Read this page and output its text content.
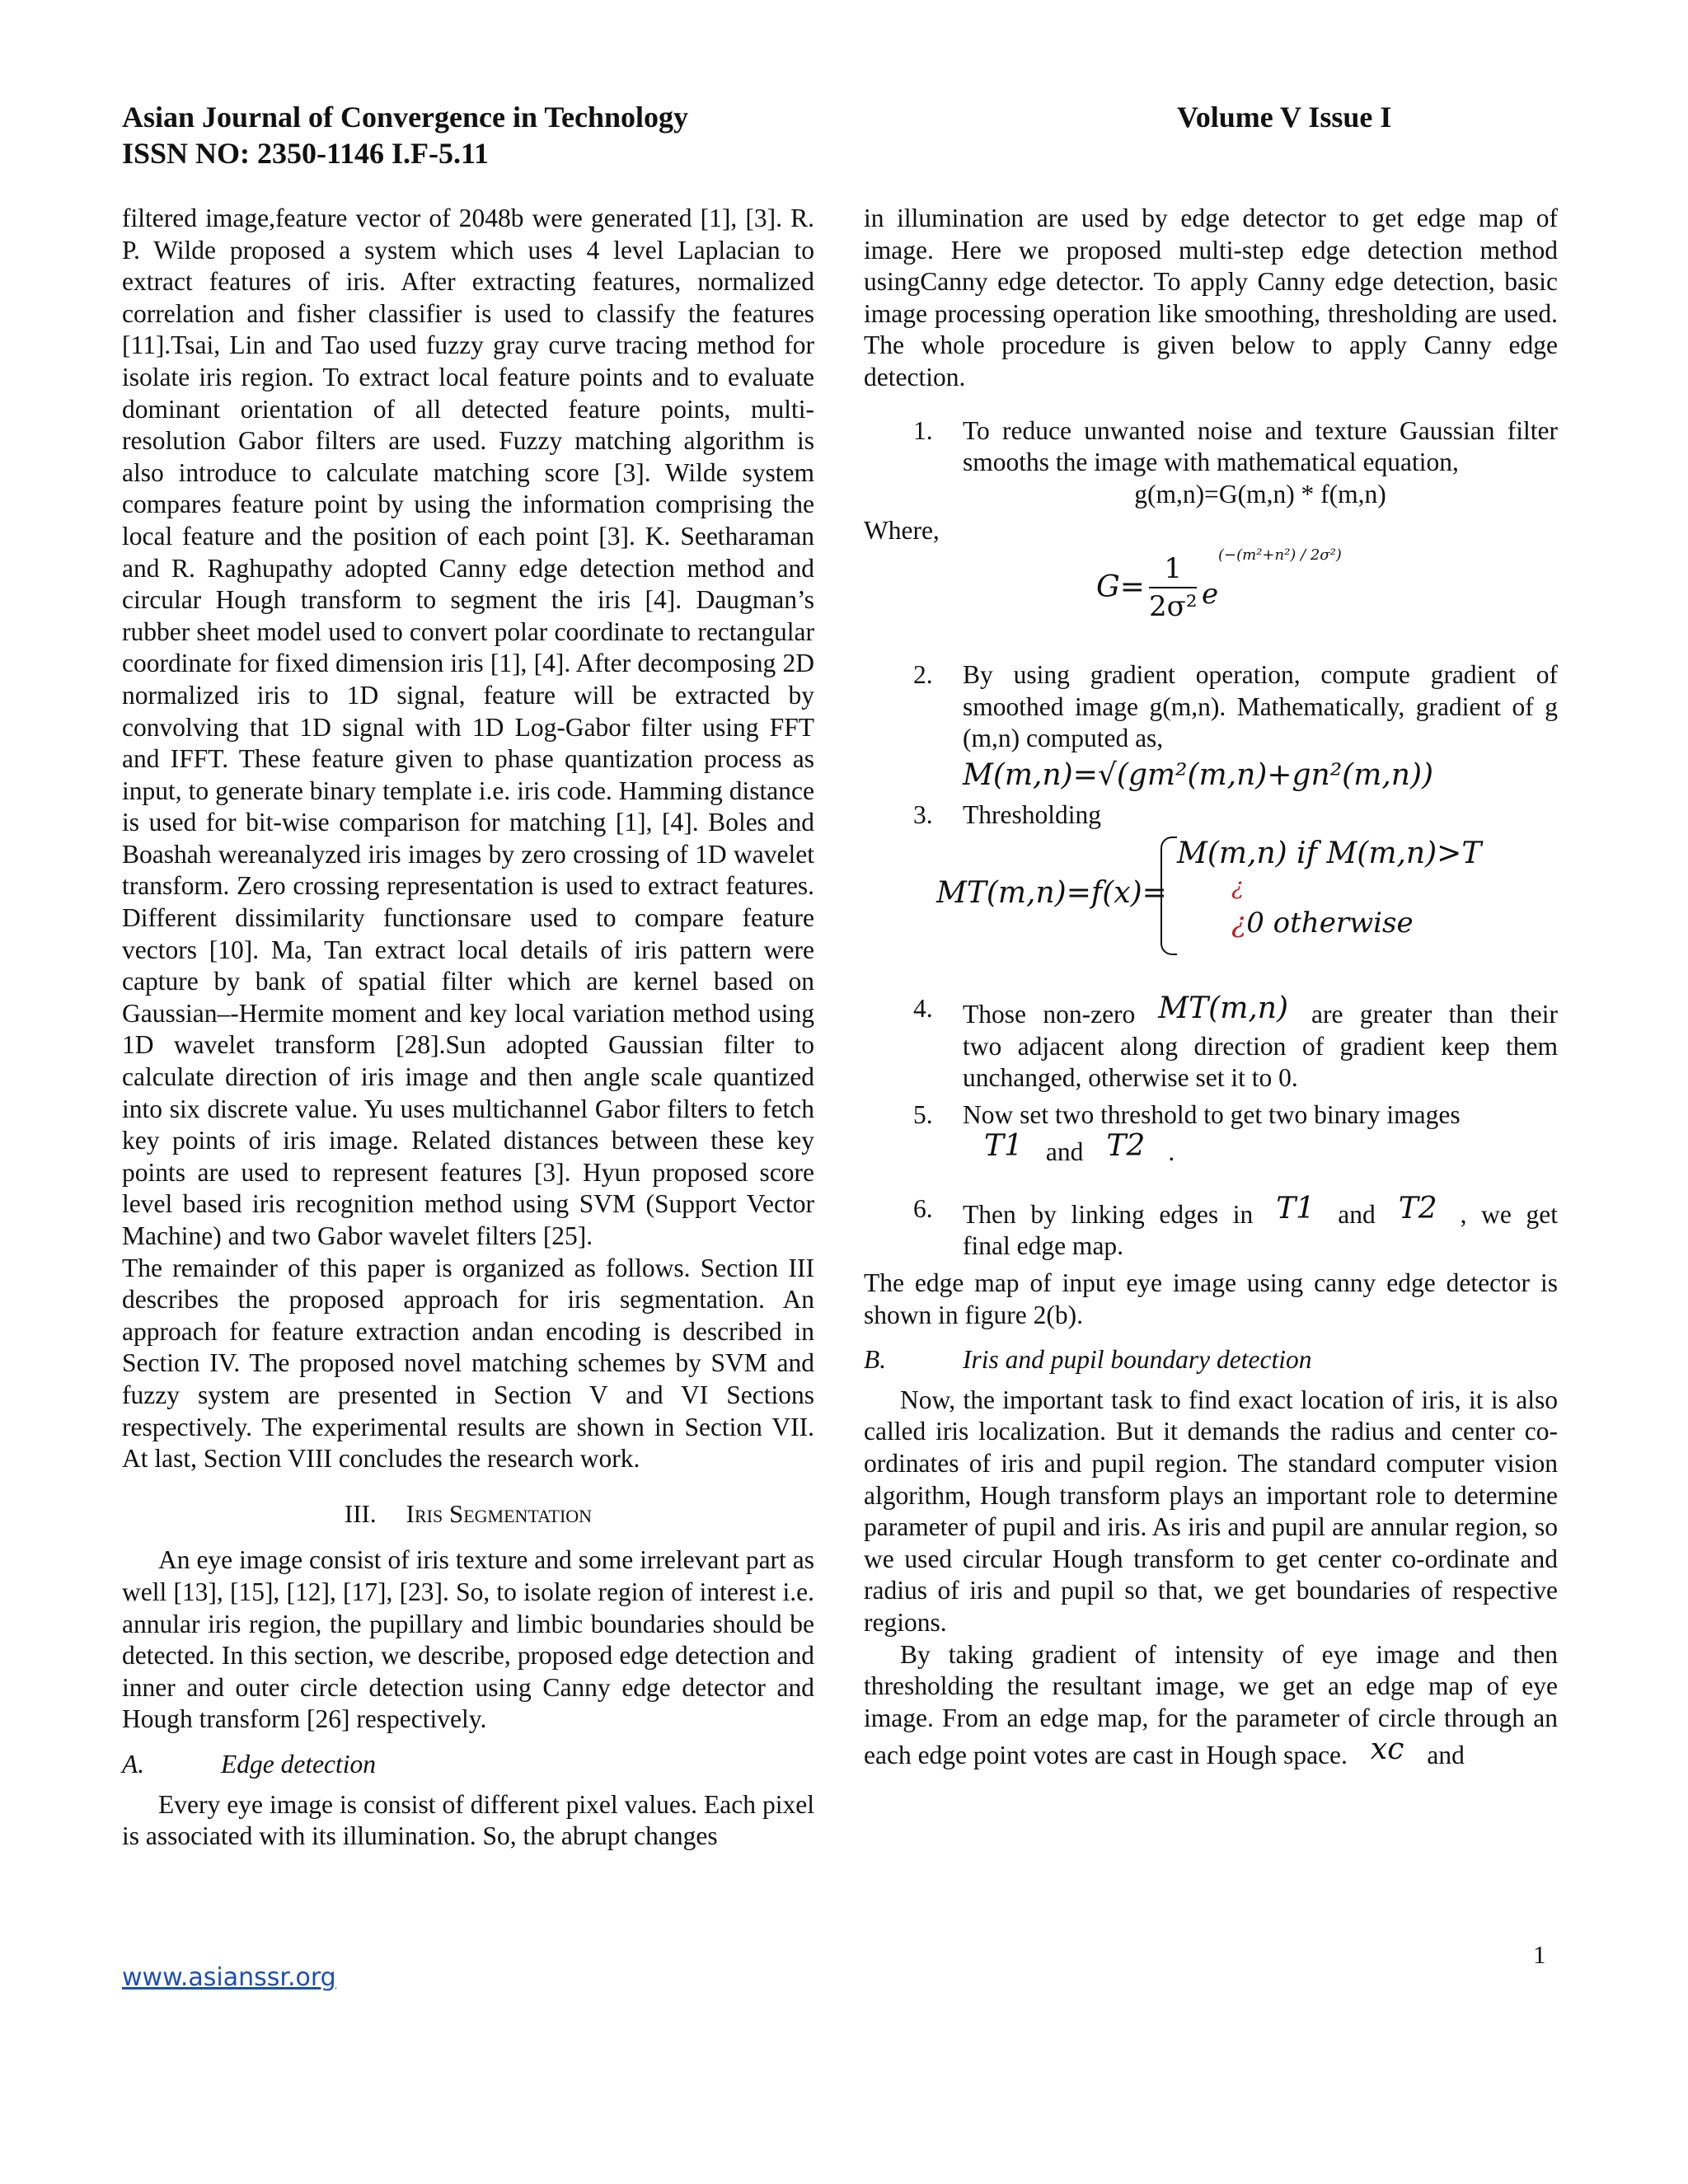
Asian Journal of Convergence in Technology
ISSN NO: 2350-1146 I.F-5.11
Volume V Issue I

filtered image,feature vector of 2048b were generated [1], [3]. R. P. Wilde proposed a system which uses 4 level Laplacian to extract features of iris. After extracting features, normalized correlation and fisher classifier is used to classify the features [11].Tsai, Lin and Tao used fuzzy gray curve tracing method for isolate iris region. To extract local feature points and to evaluate dominant orientation of all detected feature points, multi-resolution Gabor filters are used. Fuzzy matching algorithm is also introduce to calculate matching score [3]. Wilde system compares feature point by using the information comprising the local feature and the position of each point [3]. K. Seetharaman and R. Raghupathy adopted Canny edge detection method and circular Hough transform to segment the iris [4]. Daugman’s rubber sheet model used to convert polar coordinate to rectangular coordinate for fixed dimension iris [1], [4]. After decomposing 2D normalized iris to 1D signal, feature will be extracted by convolving that 1D signal with 1D Log-Gabor filter using FFT and IFFT. These feature given to phase quantization process as input, to generate binary template i.e. iris code. Hamming distance is used for bit-wise comparison for matching [1], [4]. Boles and Boashah wereanalyzed iris images by zero crossing of 1D wavelet transform. Zero crossing representation is used to extract features. Different dissimilarity functionsare used to compare feature vectors [10]. Ma, Tan extract local details of iris pattern were capture by bank of spatial filter which are kernel based on Gaussian–-Hermite moment and key local variation method using 1D wavelet transform [28].Sun adopted Gaussian filter to calculate direction of iris image and then angle scale quantized into six discrete value. Yu uses multichannel Gabor filters to fetch key points of iris image. Related distances between these key points are used to represent features [3]. Hyun proposed score level based iris recognition method using SVM (Support Vector Machine) and two Gabor wavelet filters [25].

The remainder of this paper is organized as follows. Section III describes the proposed approach for iris segmentation. An approach for feature extraction andan encoding is described in Section IV. The proposed novel matching schemes by SVM and fuzzy system are presented in Section V and VI Sections respectively. The experimental results are shown in Section VII. At last, Section VIII concludes the research work.

III. Iris Segmentation

An eye image consist of iris texture and some irrelevant part as well [13], [15], [12], [17], [23]. So, to isolate region of interest i.e. annular iris region, the pupillary and limbic boundaries should be detected. In this section, we describe, proposed edge detection and inner and outer circle detection using Canny edge detector and Hough transform [26] respectively.

A.	Edge detection

Every eye image is consist of different pixel values. Each pixel is associated with its illumination. So, the abrupt changes

in illumination are used by edge detector to get edge map of image. Here we proposed multi-step edge detection method usingCanny edge detector. To apply Canny edge detection, basic image processing operation like smoothing, thresholding are used. The whole procedure is given below to apply Canny edge detection.

1. To reduce unwanted noise and texture Gaussian filter smooths the image with mathematical equation,
g(m,n)=G(m,n) * f(m,n)

Where,

$G= \frac{1}{\text{2σ²}}$ e
(−(m²+n²) / 2σ²)
2. By using gradient operation, compute gradient of smoothed image g(m,n). Mathematically, gradient of g (m,n) computed as,
M(m,n)=√(gm²(m,n)+gn²(m,n))
3. Thresholding
MT(m,n)=f(x)=
M(m,n) if M(m,n)>T
¿
¿0 otherwise
4. Those non-zero MT(m,n) are greater than their two adjacent along direction of gradient keep them unchanged, otherwise set it to 0.
5. Now set two threshold to get two binary images
T1 and T2 .
6. Then by linking edges in T1 and T2 , we get final edge map.

The edge map of input eye image using canny edge detector is shown in figure 2(b).

B.	Iris and pupil boundary detection

Now, the important task to find exact location of iris, it is also called iris localization. But it demands the radius and center co-ordinates of iris and pupil region. The standard computer vision algorithm, Hough transform plays an important role to determine parameter of pupil and iris. As iris and pupil are annular region, so we used circular Hough transform to get center co-ordinate and radius of iris and pupil so that, we get boundaries of respective regions.

By taking gradient of intensity of eye image and then thresholding the resultant image, we get an edge map of eye image. From an edge map, for the parameter of circle through an each edge point votes are cast in Hough space. xc and

1
www.asianssr.org
